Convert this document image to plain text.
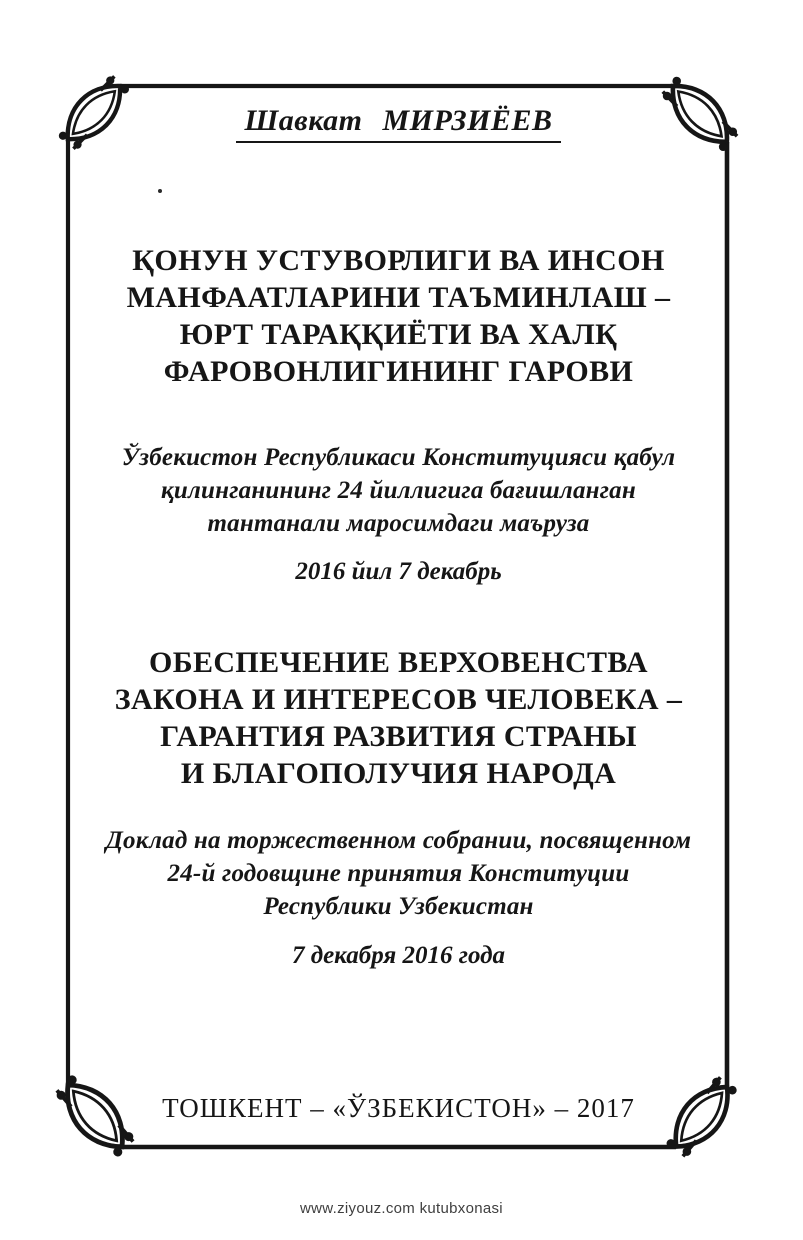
Шавкат МИРЗИЁЕВ
ҚОНУН УСТУВОРЛИГИ ВА ИНСОН
МАНФААТЛАРИНИ ТАЪМИНЛАШ –
ЮРТ ТАРАҚҚИЁТИ ВА ХАЛҚ
ФАРОВОНЛИГИНИНГ ГАРОВИ
Ўзбекистон Республикаси Конституцияси қабул
қилинганининг 24 йиллигига бағишланган
тантанали маросимдаги маъруза
2016 йил 7 декабрь
ОБЕСПЕЧЕНИЕ ВЕРХОВЕНСТВА
ЗАКОНА И ИНТЕРЕСОВ ЧЕЛОВЕКА –
ГАРАНТИЯ РАЗВИТИЯ СТРАНЫ
И БЛАГОПОЛУЧИЯ НАРОДА
Доклад на торжественном собрании, посвященном
24-й годовщине принятия Конституции
Республики Узбекистан
7 декабря 2016 года
ТОШКЕНТ – «ЎЗБЕКИСТОН» – 2017
www.ziyouz.com kutubxonasi
